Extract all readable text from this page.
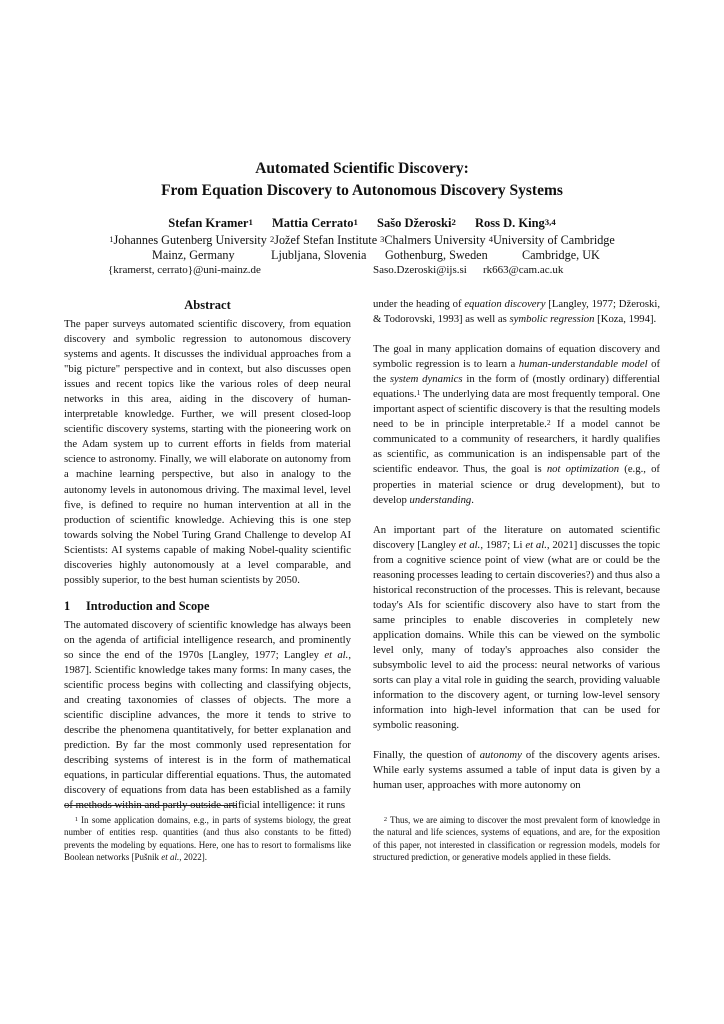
Automated Scientific Discovery:
From Equation Discovery to Autonomous Discovery Systems
Stefan Kramer$^1$ Mattia Cerrato$^1$ Sašo Džeroski$^2$ Ross D. King$^{3,4}$
$^1$Johannes Gutenberg University $^2$Jožef Stefan Institute $^3$Chalmers University $^4$University of Cambridge
Mainz, Germany	Ljubljana, Slovenia Gothenburg, Sweden	Cambridge, UK
{kramerst, cerrato}@uni-mainz.de	Saso.Dzeroski@ijs.si rk663@cam.ac.uk
Abstract

The paper surveys automated scientific discovery, from equation discovery and symbolic regression to autonomous discovery systems and agents. It discusses the individual approaches from a "big picture" perspective and in context, but also discusses open issues and recent topics like the various roles of deep neural networks in this area, aiding in the discovery of human-interpretable knowledge. Further, we will present closed-loop scientific discovery systems, starting with the pioneering work on the Adam system up to current efforts in fields from material science to astronomy. Finally, we will elaborate on autonomy from a machine learning perspective, but also in analogy to the autonomy levels in autonomous driving. The maximal level, level five, is defined to require no human intervention at all in the production of scientific knowledge. Achieving this is one step towards solving the Nobel Turing Grand Challenge to develop AI Scientists: AI systems capable of making Nobel-quality scientific discoveries highly autonomously at a level comparable, and possibly superior, to the best human scientists by 2050.

1 Introduction and Scope

The automated discovery of scientific knowledge has always been on the agenda of artificial intelligence research, and prominently so since the end of the 1970s [Langley, 1977; Langley et al., 1987]. Scientific knowledge takes many forms: In many cases, the scientific process begins with collecting and classifying objects, and creating taxonomies of classes of objects. The more a scientific discipline advances, the more it tends to strive to describe the phenomena quantitatively, for better explanation and prediction. By far the most commonly used representation for describing systems of interest is in the form of mathematical equations, in particular differential equations. Thus, the automated discovery of equations from data has been established as a family of methods within and partly outside artificial intelligence: it runs

under the heading of equation discovery [Langley, 1977; Džeroski, & Todorovski, 1993] as well as symbolic regression [Koza, 1994].

The goal in many application domains of equation discovery and symbolic regression is to learn a human-understandable model of the system dynamics in the form of (mostly ordinary) differential equations.$^1$ The underlying data are most frequently temporal. One important aspect of scientific discovery is that the resulting models need to be in principle interpretable.$^2$ If a model cannot be communicated to a community of researchers, it hardly qualifies as scientific, as communication is an indispensable part of the scientific endeavor. Thus, the goal is not optimization (e.g., of properties in material science or drug development), but to develop understanding.

An important part of the literature on automated scientific discovery [Langley et al., 1987; Li et al., 2021] discusses the topic from a cognitive science point of view (what are or could be the reasoning processes leading to certain discoveries?) and thus also a historical reconstruction of the processes. This is relevant, because today's AIs for scientific discovery also have to start from the same principles to enable discoveries in completely new application domains. While this can be viewed on the symbolic level only, many of today's approaches also consider the subsymbolic level to aid the process: neural networks of various sorts can play a vital role in guiding the search, providing valuable information to the discovery agent, or turning low-level sensory information into high-level information that can be used for symbolic reasoning.

Finally, the question of autonomy of the discovery agents arises. While early systems assumed a table of input data is given by a human user, approaches with more autonomy on

$^1$ In some application domains, e.g., in parts of systems biology, the great number of entities resp. quantities (and thus also constants to be fitted) prevents the modeling by equations. Here, one has to resort to formalisms like Boolean networks [Pušnik et al., 2022].
$^2$ Thus, we are aiming to discover the most prevalent form of knowledge in the natural and life sciences, systems of equations, and are, for the exposition of this paper, not interested in classification or regression models, models for structured prediction, or generative models applied in these fields.
